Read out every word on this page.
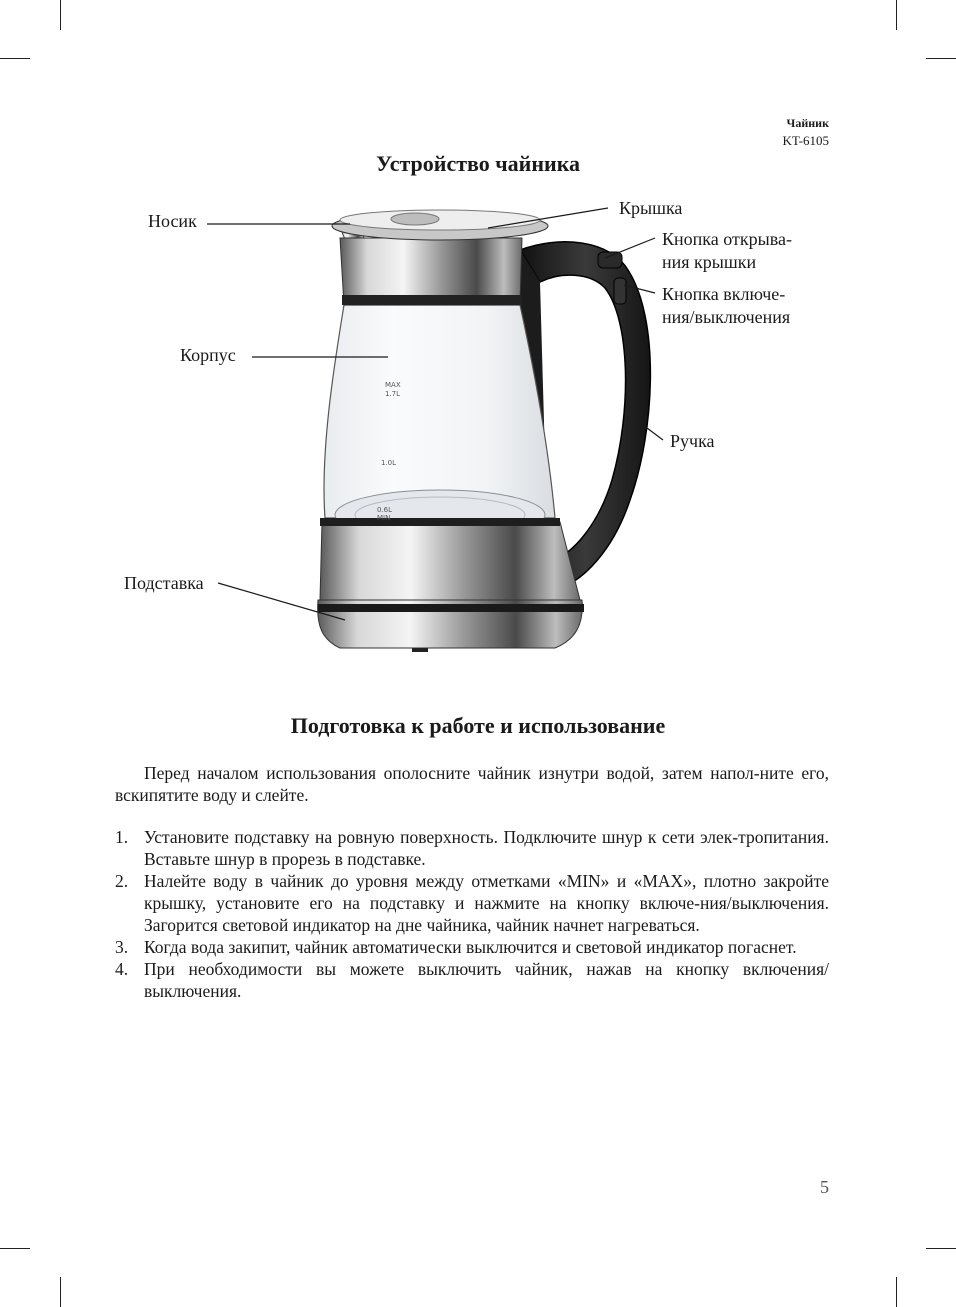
Чайник
KT-6105
Устройство чайника
MAX
1.7L
1.0L
0.6L
MIN
Носик
Крышка
Кнопка открыва-
ния крышки
Кнопка включе-
ния/выключения
Корпус
Ручка
Подставка
Подготовка к работе и использование
Перед началом использования ополосните чайник изнутри водой, затем напол-ните его, вскипятите воду и слейте.
1. Установите подставку на ровную поверхность. Подключите шнур к сети элек-тропитания. Вставьте шнур в прорезь в подставке.
2. Налейте воду в чайник до уровня между отметками «MIN» и «MAX», плотно закройте крышку, установите его на подставку и нажмите на кнопку включе-ния/выключения. Загорится световой индикатор на дне чайника, чайник начнет нагреваться.
3. Когда вода закипит, чайник автоматически выключится и световой индикатор погаснет.
4. При необходимости вы можете выключить чайник, нажав на кнопку включения/выключения.
5
